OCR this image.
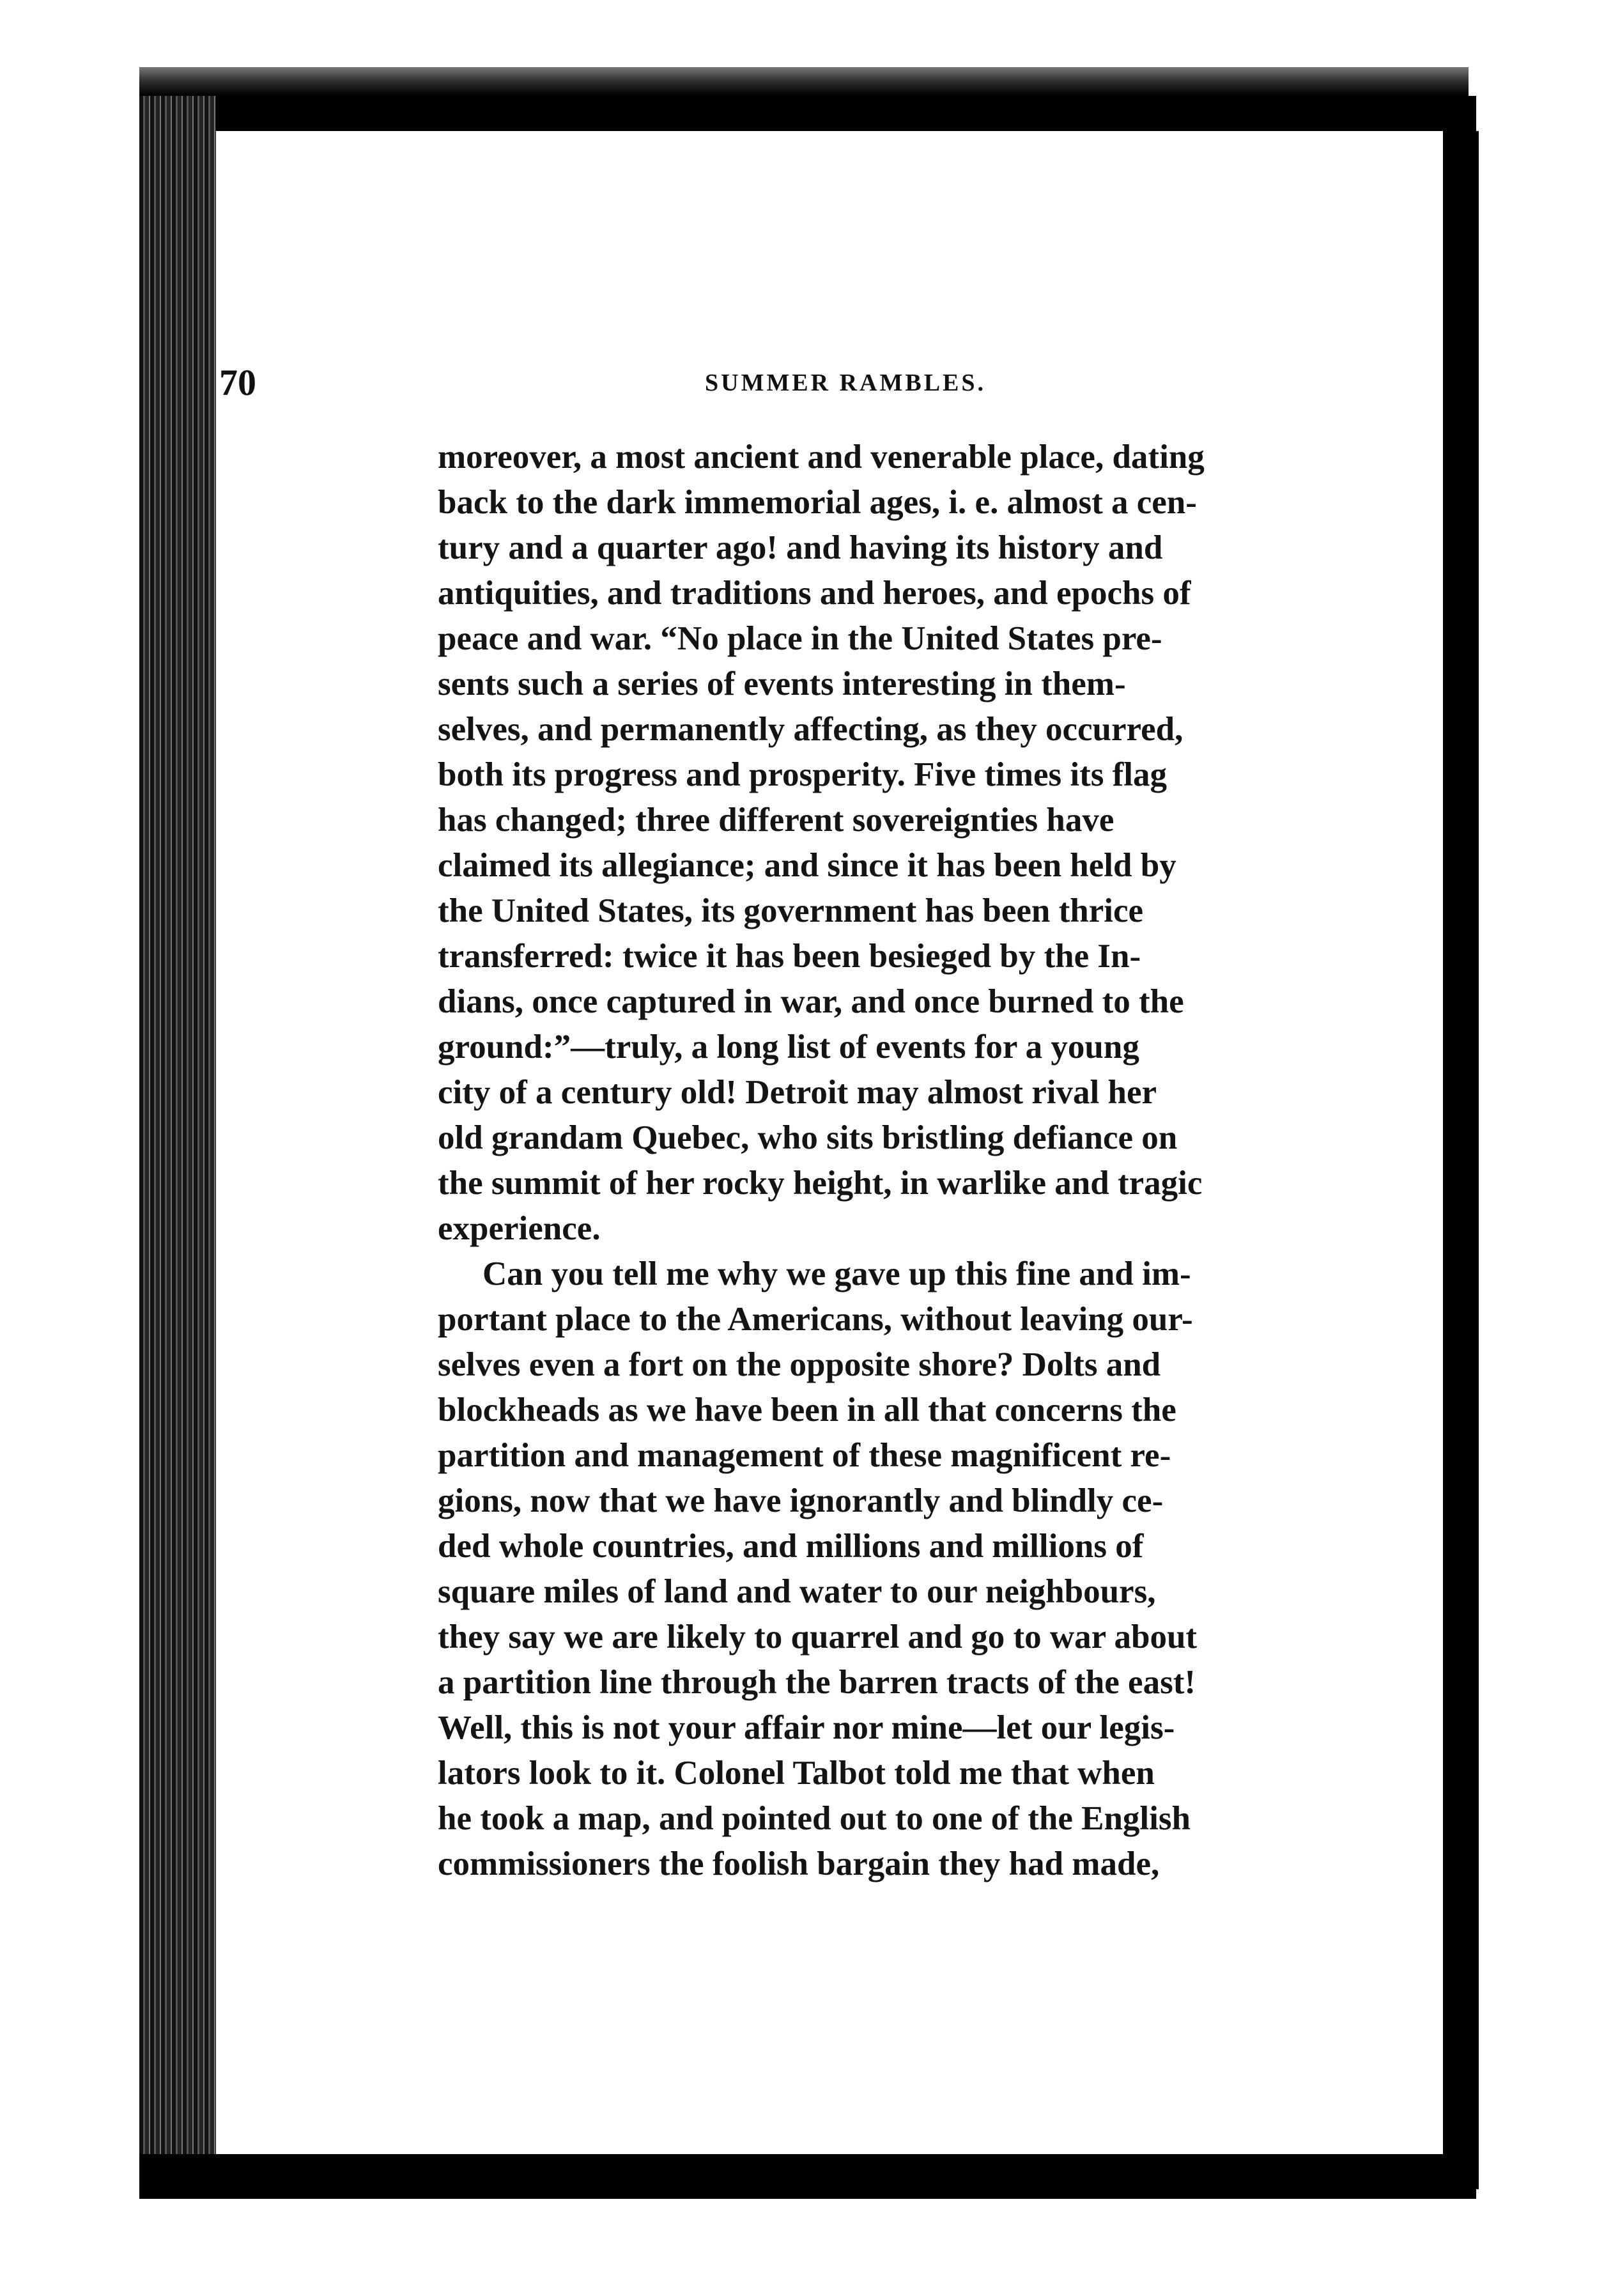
70	SUMMER RAMBLES.
moreover, a most ancient and venerable place, dating
back to the dark immemorial ages, i. e. almost a cen-
tury and a quarter ago! and having its history and
antiquities, and traditions and heroes, and epochs of
peace and war. “No place in the United States pre-
sents such a series of events interesting in them-
selves, and permanently affecting, as they occurred,
both its progress and prosperity. Five times its flag
has changed; three different sovereignties have
claimed its allegiance; and since it has been held by
the United States, its government has been thrice
transferred: twice it has been besieged by the In-
dians, once captured in war, and once burned to the
ground:”—truly, a long list of events for a young
city of a century old! Detroit may almost rival her
old grandam Quebec, who sits bristling defiance on
the summit of her rocky height, in warlike and tragic
experience.
Can you tell me why we gave up this fine and im-
portant place to the Americans, without leaving our-
selves even a fort on the opposite shore? Dolts and
blockheads as we have been in all that concerns the
partition and management of these magnificent re-
gions, now that we have ignorantly and blindly ce-
ded whole countries, and millions and millions of
square miles of land and water to our neighbours,
they say we are likely to quarrel and go to war about
a partition line through the barren tracts of the east!
Well, this is not your affair nor mine—let our legis-
lators look to it. Colonel Talbot told me that when
he took a map, and pointed out to one of the English
commissioners the foolish bargain they had made,
